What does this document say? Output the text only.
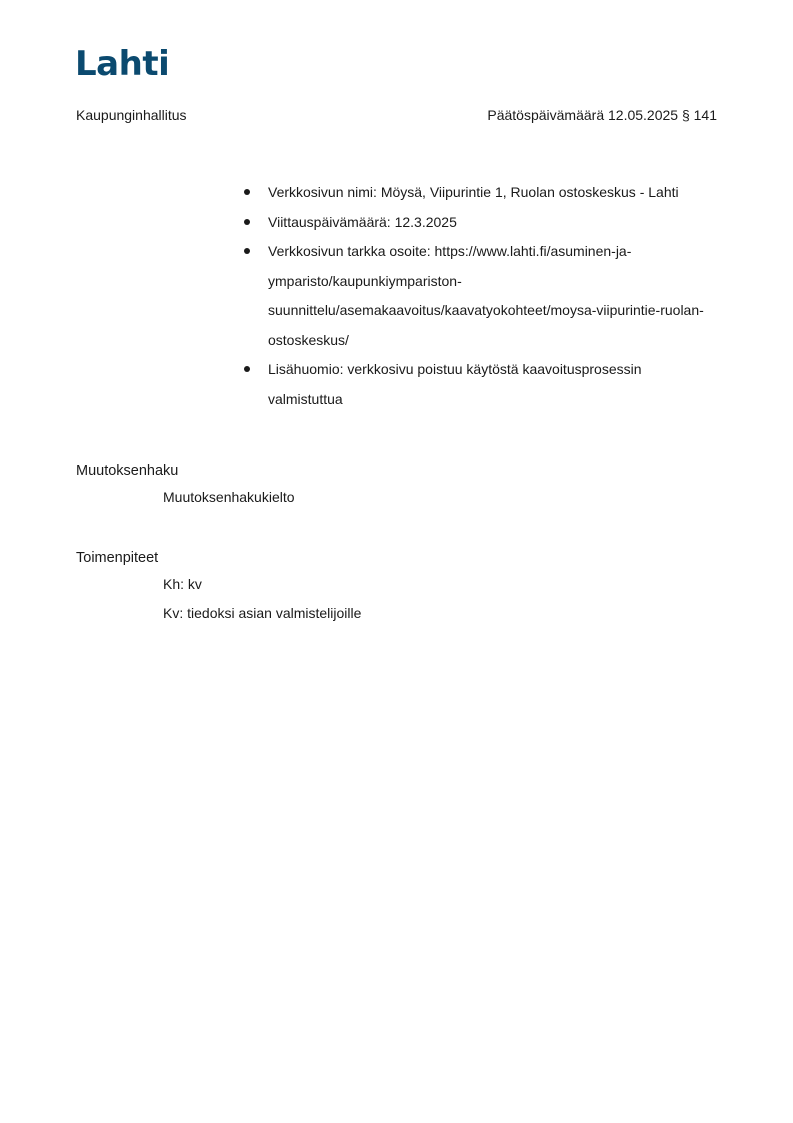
Lahti
Kaupunginhallitus	Päätöspäivämäärä 12.05.2025 § 141
Verkkosivun nimi: Möysä, Viipurintie 1, Ruolan ostoskeskus - Lahti
Viittauspäivämäärä: 12.3.2025
Verkkosivun tarkka osoite: https://www.lahti.fi/asuminen-ja-ymparisto/kaupunkiympariston-suunnittelu/asemakaavoitus/kaavatyokohteet/moysa-viipurintie-ruolan-ostoskeskus/
Lisähuomio: verkkosivu poistuu käytöstä kaavoitusprosessin valmistuttua
Muutoksenhaku
Muutoksenhakukielto
Toimenpiteet
Kh: kv
Kv: tiedoksi asian valmistelijoille
